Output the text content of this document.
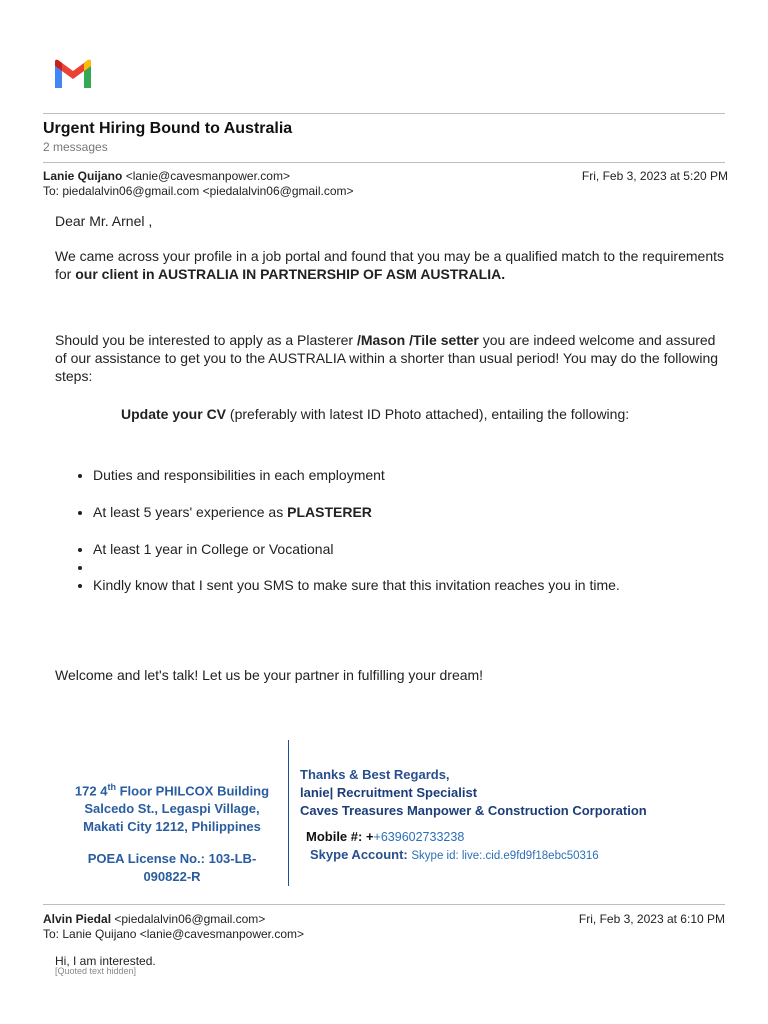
Urgent Hiring Bound to Australia
2 messages
Lanie Quijano <lanie@cavesmanpower.com>
To: piedalalvin06@gmail.com <piedalalvin06@gmail.com>
Fri, Feb 3, 2023 at 5:20 PM
Dear Mr. Arnel ,

We came across your profile in a job portal and found that you may be a qualified match to the requirements for our client in AUSTRALIA IN PARTNERSHIP OF ASM AUSTRALIA.

Should you be interested to apply as a Plasterer /Mason /Tile setter you are indeed welcome and assured of our assistance to get you to the AUSTRALIA within a shorter than usual period! You may do the following steps:

Update your CV (preferably with latest ID Photo attached), entailing the following:
• Duties and responsibilities in each employment
• At least 5 years' experience as PLASTERER
• At least 1 year in College or Vocational
•
• Kindly know that I sent you SMS to make sure that this invitation reaches you in time.
Welcome and let's talk! Let us be your partner in fulfilling your dream!
172 4th Floor PHILCOX Building
Salcedo St., Legaspi Village,
Makati City 1212, Philippines
POEA License No.: 103-LB-
090822-R
Thanks & Best Regards,
lanie| Recruitment Specialist
Caves Treasures Manpower & Construction Corporation
Mobile #: ++639602733238
Skype Account: Skype id: live:.cid.e9fd9f18ebc50316
Alvin Piedal <piedalalvin06@gmail.com>
To: Lanie Quijano <lanie@cavesmanpower.com>
Fri, Feb 3, 2023 at 6:10 PM
Hi, I am interested.
[Quoted text hidden]
